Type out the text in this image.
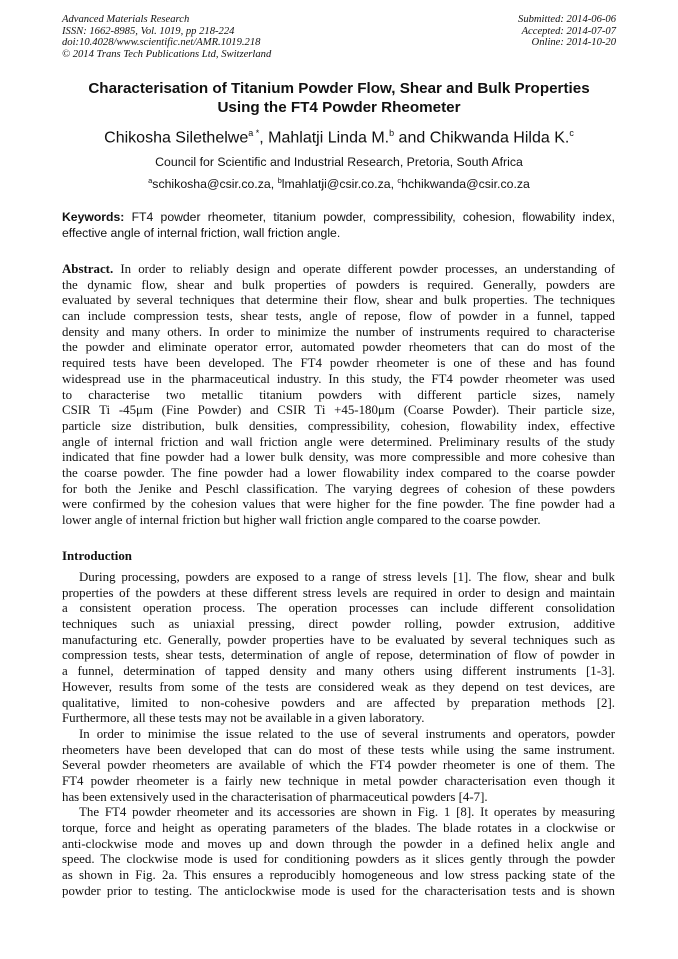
Advanced Materials Research
ISSN: 1662-8985, Vol. 1019, pp 218-224
doi:10.4028/www.scientific.net/AMR.1019.218
© 2014 Trans Tech Publications Ltd, Switzerland
Submitted: 2014-06-06
Accepted: 2014-07-07
Online: 2014-10-20
Characterisation of Titanium Powder Flow, Shear and Bulk Properties
Using the FT4 Powder Rheometer
Chikosha Silethelwe$^{a *}$, Mahlatji Linda M.$^b$ and Chikwanda Hilda K.$^c$
Council for Scientific and Industrial Research, Pretoria, South Africa
$^a$schikosha@csir.co.za, $^b$lmahlatji@csir.co.za, $^c$hchikwanda@csir.co.za
Keywords: FT4 powder rheometer, titanium powder, compressibility, cohesion, flowability index,
effective angle of internal friction, wall friction angle.
Abstract. In order to reliably design and operate different powder processes, an understanding of
the dynamic flow, shear and bulk properties of powders is required. Generally, powders are
evaluated by several techniques that determine their flow, shear and bulk properties. The techniques
can include compression tests, shear tests, angle of repose, flow of powder in a funnel, tapped
density and many others. In order to minimize the number of instruments required to characterise
the powder and eliminate operator error, automated powder rheometers that can do most of the
required tests have been developed. The FT4 powder rheometer is one of these and has found
widespread use in the pharmaceutical industry. In this study, the FT4 powder rheometer was used
to characterise two metallic titanium powders with different particle sizes, namely
CSIR Ti -45μm (Fine Powder) and CSIR Ti +45-180μm (Coarse Powder). Their particle size,
particle size distribution, bulk densities, compressibility, cohesion, flowability index, effective
angle of internal friction and wall friction angle were determined. Preliminary results of the study
indicated that fine powder had a lower bulk density, was more compressible and more cohesive than
the coarse powder. The fine powder had a lower flowability index compared to the coarse powder
for both the Jenike and Peschl classification. The varying degrees of cohesion of these powders
were confirmed by the cohesion values that were higher for the fine powder. The fine powder had a
lower angle of internal friction but higher wall friction angle compared to the coarse powder.
Introduction
During processing, powders are exposed to a range of stress levels [1]. The flow, shear and bulk
properties of the powders at these different stress levels are required in order to design and maintain
a consistent operation process. The operation processes can include different consolidation
techniques such as uniaxial pressing, direct powder rolling, powder extrusion, additive
manufacturing etc. Generally, powder properties have to be evaluated by several techniques such as
compression tests, shear tests, determination of angle of repose, determination of flow of powder in
a funnel, determination of tapped density and many others using different instruments [1-3].
However, results from some of the tests are considered weak as they depend on test devices, are
qualitative, limited to non-cohesive powders and are affected by preparation methods [2].
Furthermore, all these tests may not be available in a given laboratory.
In order to minimise the issue related to the use of several instruments and operators, powder
rheometers have been developed that can do most of these tests while using the same instrument.
Several powder rheometers are available of which the FT4 powder rheometer is one of them. The
FT4 powder rheometer is a fairly new technique in metal powder characterisation even though it
has been extensively used in the characterisation of pharmaceutical powders [4-7].
The FT4 powder rheometer and its accessories are shown in Fig. 1 [8]. It operates by measuring
torque, force and height as operating parameters of the blades. The blade rotates in a clockwise or
anti-clockwise mode and moves up and down through the powder in a defined helix angle and
speed. The clockwise mode is used for conditioning powders as it slices gently through the powder
as shown in Fig. 2a. This ensures a reproducibly homogeneous and low stress packing state of the
powder prior to testing. The anticlockwise mode is used for the characterisation tests and is shown
